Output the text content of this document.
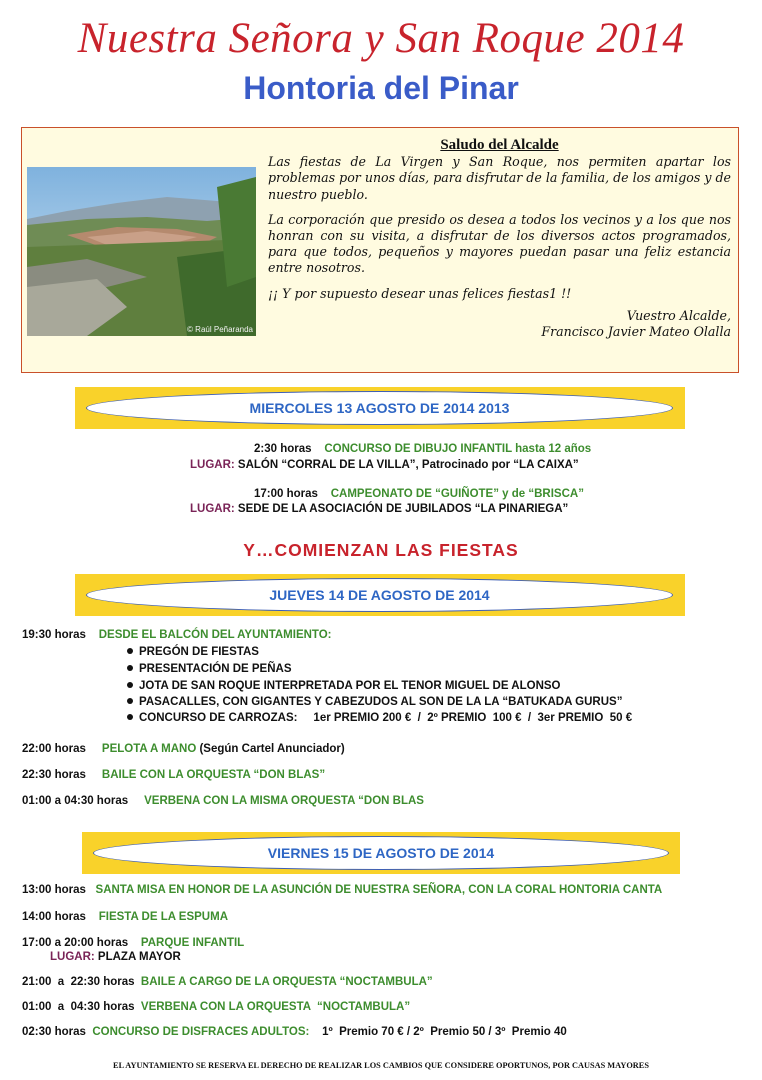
Nuestra Señora y San Roque 2014
Hontoria del Pinar
© Raúl Peñaranda
Saludo del Alcalde

Las fiestas de La Virgen y San Roque, nos permiten apartar los problemas por unos días, para disfrutar de la familia, de los amigos y de nuestro pueblo.

La corporación que presido os desea a todos los vecinos y a los que nos honran con su visita, a disfrutar de los diversos actos programados, para que todos, pequeños y mayores puedan pasar una feliz estancia entre nosotros.

¡¡ Y por supuesto desear unas felices fiestas1 !!

Vuestro Alcalde,
Francisco Javier Mateo Olalla
MIERCOLES 13 AGOSTO DE 2014 2013
2:30 horas CONCURSO DE DIBUJO INFANTIL hasta 12 años
LUGAR: SALÓN “CORRAL DE LA VILLA”, Patrocinado por “LA CAIXA”
17:00 horas CAMPEONATO DE “GUIÑOTE” y de “BRISCA”
LUGAR: SEDE DE LA ASOCIACIÓN DE JUBILADOS “LA PINARIEGA”
Y…COMIENZAN LAS FIESTAS
JUEVES 14 DE AGOSTO DE 2014
19:30 horas DESDE EL BALCÓN DEL AYUNTAMIENTO:
PREGÓN DE FIESTAS
PRESENTACIÓN DE PEÑAS
JOTA DE SAN ROQUE INTERPRETADA POR EL TENOR MIGUEL DE ALONSO
PASACALLES, CON GIGANTES Y CABEZUDOS AL SON DE LA LA “BATUKADA GURUS”
CONCURSO DE CARROZAS:     1er PREMIO 200 €  /  2º PREMIO  100 €  /  3er PREMIO  50 €
22:00 horas PELOTA A MANO (Según Cartel Anunciador)
22:30 horas BAILE CON LA ORQUESTA “DON BLAS”
01:00 a 04:30 horas VERBENA CON LA MISMA ORQUESTA “DON BLAS
VIERNES 15 DE AGOSTO DE 2014
13:00 horas SANTA MISA EN HONOR DE LA ASUNCIÓN DE NUESTRA SEÑORA, CON LA CORAL HONTORIA CANTA
14:00 horas FIESTA DE LA ESPUMA
17:00 a 20:00 horas PARQUE INFANTIL
LUGAR: PLAZA MAYOR
21:00  a  22:30 horas BAILE A CARGO DE LA ORQUESTA “NOCTAMBULA”
01:00  a  04:30 horas VERBENA CON LA ORQUESTA  “NOCTAMBULA”
02:30 horas CONCURSO DE DISFRACES ADULTOS: 1º  Premio 70 € / 2º  Premio 50 / 3º  Premio 40
EL AYUNTAMIENTO SE RESERVA EL DERECHO DE REALIZAR LOS CAMBIOS QUE CONSIDERE OPORTUNOS, POR CAUSAS MAYORES
